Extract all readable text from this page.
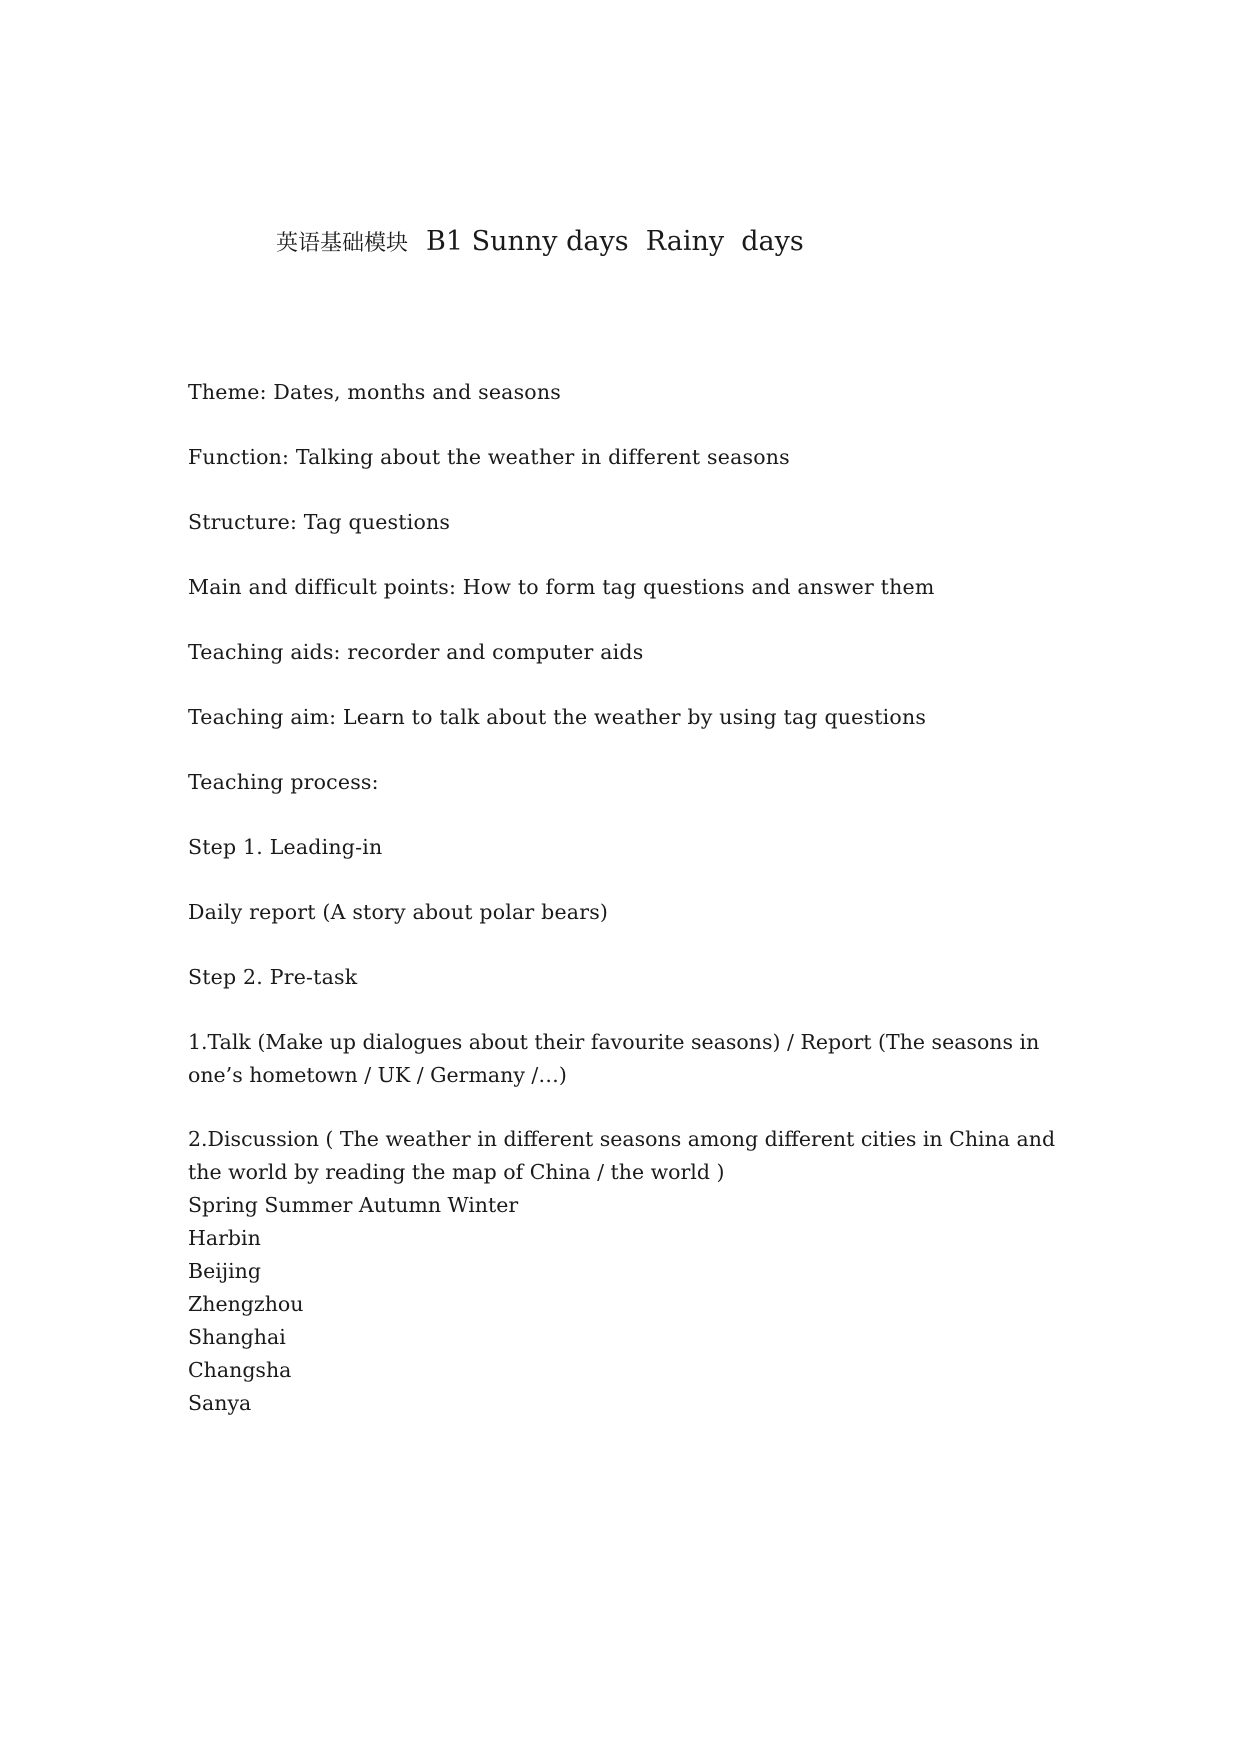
英语基础模块 B1 Sunny days  Rainy  days
Theme: Dates, months and seasons
Function: Talking about the weather in different seasons
Structure: Tag questions
Main and difficult points: How to form tag questions and answer them
Teaching aids: recorder and computer aids
Teaching aim: Learn to talk about the weather by using tag questions
Teaching process:
Step 1. Leading-in
Daily report (A story about polar bears)
Step 2. Pre-task
1.Talk (Make up dialogues about their favourite seasons) / Report (The seasons in one’s hometown / UK / Germany /…)
2.Discussion ( The weather in different seasons among different cities in China and the world by reading the map of China / the world )
Spring Summer Autumn Winter
Harbin
Beijing
Zhengzhou
Shanghai
Changsha
Sanya
